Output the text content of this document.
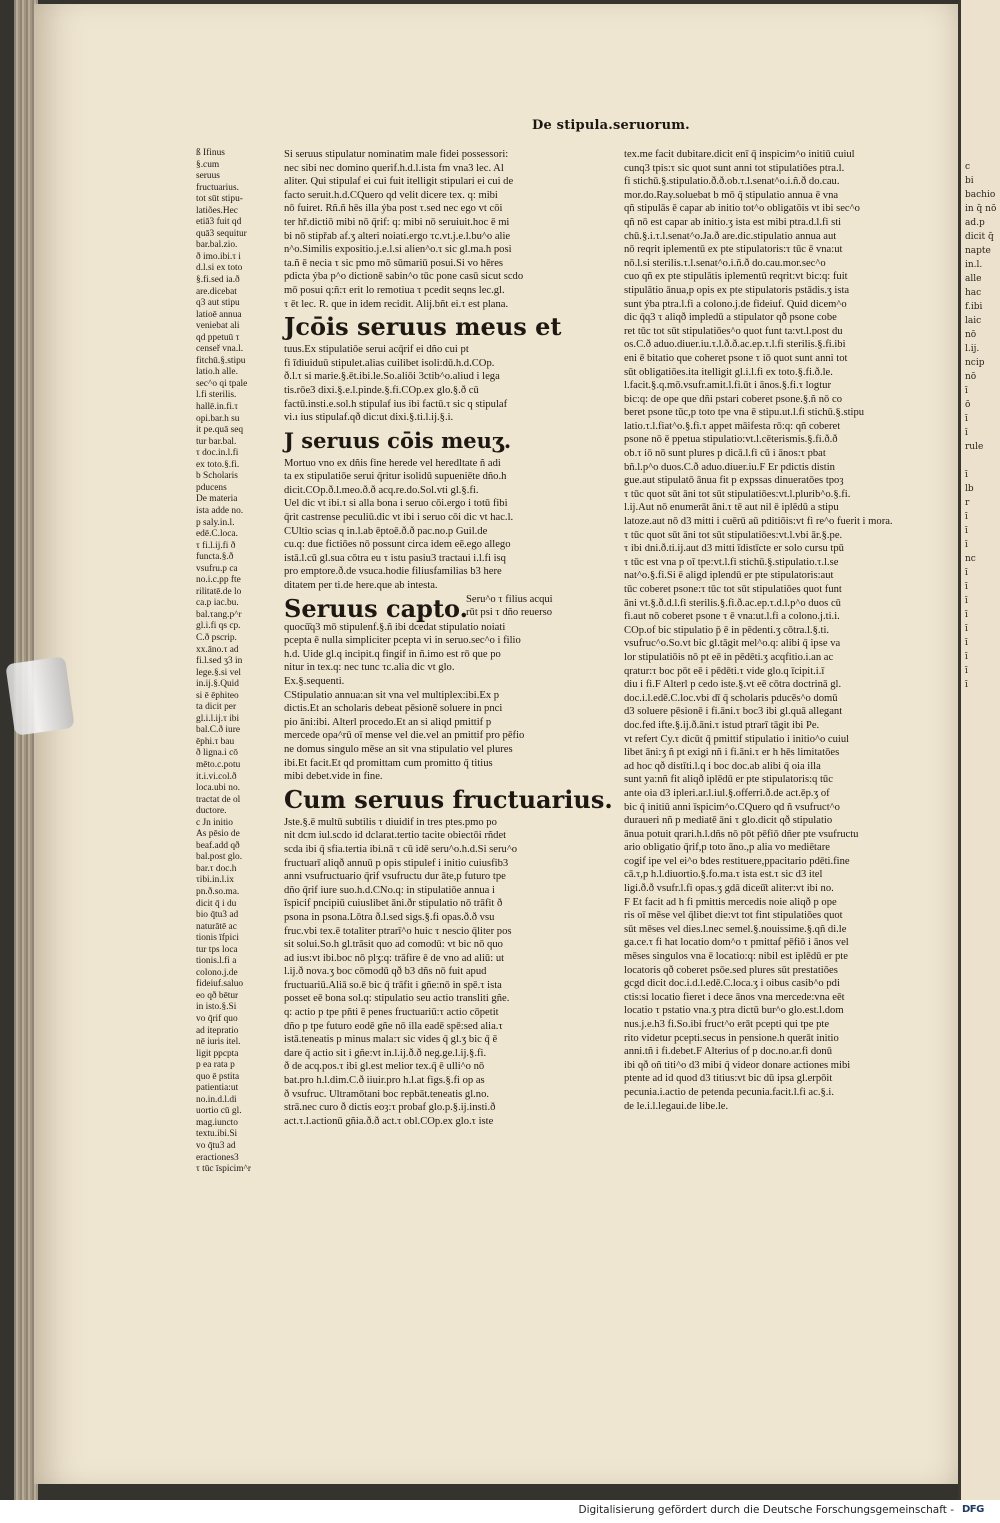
c
bi
bachio
in q̄ nō
ad.p
dicit q̄
napte
in.l.
alle
hac
f.ibi
laic
nō
l.ij.
ncip
nō
ī
ō
ī
ī
rule

ī
lb
r
ī
ī
ī
nc
ī
ī
ī
ī
ī
ī
ī
ī
ī
De stipula.seruorum.
ß Ifinus
§.cum
seruus
fructuarius.
tot sūt stipu-
latiões.Hec
etiā3 fuit qd
quā3 sequitur
bar.bal.zio.
ð imo.ibi.τ i
d.l.si ex toto
§.fi.sed ia.ð
are.dicebat
q3 aut stipu
latioē annua
veniebat ali
qd ppetuū τ
censeř vna.l.
fitchū.§.stipu
latio.h alle.
sec^o qi tpale
l.fi sterilis.
hallē.in.fi.τ
opi.bar.h su
it pe.quā seq
tur bar.bal.
τ doc.in.l.fi
ex toto.§.fi.
b Scholaris
pducens
De materia
ista adde no.
p saly.in.l.
edē.C.loca.
τ fi.l.ij.fi ð
functa.§.ð
vsufru.p ca
no.i.c.pp fte
rilitatē.de lo
ca.p iac.bu.
bal.τang.p^r
gl.i.fi qs cp.
C.ð pscrip.
xx.āno.τ ad
fi.l.sed ʒ3 in
lege.§.si vel
in.ij.§.Quid
si ē ēphiteo
ta dicit per
gl.i.l.ij.τ ibi
bal.C.ð iure
ēphi.τ bau
ð ligna.i cō
mēto.c.potu
it.i.vi.col.ð
loca.ubi no.
tractat de ol
ductore.
c Jn initio
Ās pēsio de
beaf.add qð
bal.post glo.
bar.τ doc.h
τibi.in.l.ix
pn.ð.so.ma.
dicit q̄ i du
bio q̄tu3 ad
naturātē ac
tionis īfpici
tur tps loca
tionis.l.fi a
colono.j.de
fideiuf.saluo
eo qð bētur
in isto.§.Si
vo q̄rif quo
ad itepratio
nē iuris itel.
ligit ppcpta
p ea rata p
quo ē pstita
patientia:ut
no.in.d.l.di
uortio cū gl.
mag.iuncto
textu.ibi.Si
vo q̄tu3 ad
eractiones3
τ tūc īspicim^r
Si seruus stipulatur nominatim male fidei possessori:
nec sibi nec domino querif.h.d.l.ista fm vna3 lec. Al
aliter. Qui stipulaf ei cui fuit itelligit stipulari ei cui de
facto seruit.h.d.CQuero qd velit dicere tex. q: mibi
nō fuiret. Rñ.ñ hēs illa ýba post τ.sed nec ego vt cōi
ter hř.dictiō mibi nō q̄rif: q: mibi nō seruiuit.hoc ē mi
bi nō stipřab af.ʒ alteri noiati.ergo τc.vt.j.e.l.bu^o alie
n^o.Similis expositio.j.e.l.si alien^o.τ sic gl.ma.h posi
ta.ñ ē necia τ sic pmo mō sūmariū posui.Si vo hēres
pdicta ýba p^o dictionē sabin^o tūc pone casū sicut scdo
mō posui q:ñ:τ erit lo remotiua τ pcedit seqns lec.gl.
τ ēt lec. R. que in idem recidit. Alij.bñt ei.τ est plana.
Jcōis seruus meus et
tuus.Ex stipulatiōe serui acq̄rif ei dño cui pt
fi īdiuiduū stipulet.alias cuilibet isoli:dū.h.d.COp.
ð.l.τ si marie.§.ēt.ibi.le.So.aliōi 3ctib^o.aliud i lega
tis.rōe3 dixi.§.e.l.pinde.§.fi.COp.ex glo.§.ð cū
factū.insti.e.sol.h stipulaf ius ibi factū.τ sic q stipulaf
vi.ı ius stipulaf.qð dic:ut dixi.§.ti.l.ij.§.i.
J seruus cōis meuʒ.
Mortuo vno ex dñis fine herede vel heredltate ñ adi
ta ex stipulatiōe serui q̄ritur isolidū supueniēte dño.h
dicit.COp.ð.l.meo.ð.ð acq.re.do.Sol.vti gl.§.fi.
Uel dic vt ibi.τ si alla bona i seruo cōi.ergo i totū fibi
q̄rit castrense peculiū.dic vt ibi i seruo cōi dic vt hac.l.
CUltio scias q in.l.ab ēptoē.ð.ð pac.no.p Guil.de
cu.q: due fictiōes nō possunt circa idem eē.ego allego
istā.l.cū gl.sua cōtra eu τ istu pasiu3 tractaui i.l.fi isq
pro emptore.ð.de vsuca.hodie filiusfamilias b3 here
ditatem per ti.de here.que ab intesta.
Seruus capto.
Seru^o τ filius acqui
rūt psi τ dño reuerso
quocū̄q3 mō stipulenf.§.ñ ibi dcedat stipulatio noiati
pcepta ē nulla simpliciter pcepta vi in seruo.sec^o i filio
h.d. Uide gl.q incipit.q fingif in ñ.imo est rō que po
nitur in tex.q: nec tunc τc.alia dic vt glo.
Ex.§.sequenti.
CStipulatio annua:an sit vna vel multiplex:ibi.Ex p
dictis.Et an scholaris debeat pēsionē soluere in pnci
pio āni:ibi. Alterl procedo.Et an si aliqd pmittif p
mercede opa^rū oī mense vel die.vel an pmittif pro pēfio
ne domus singulo mēse an sit vna stipulatio vel plures
ibi.Et facit.Et qd promittam cum promitto q̄ titius
mibi debet.vide in fine.
Cum seruus fructuarius.
Jste.§.ē multū subtilis τ diuidif in tres ptes.pmo po
nit dcm iul.scdo id dclarat.tertio tacite obiectōi rñdet
scda ibi q̄ sfia.tertia ibi.nā τ cū idē seru^o.h.d.Si seru^o
fructuarī aliqð annuū p opis stipulef i initio cuiusfib3
anni vsufructuario q̄rif vsufructu dur āte,p futuro tpe
dño q̄rif iure suo.h.d.CNo.q: in stipulatiōe annua i
īspicif pncipiū cuiuslibet āni.ðr stipulatio nō trāfit ð
psona in psona.Lōtra ð.l.sed sigs.§.fi opas.ð.ð vsu
fruc.vbi tex.ē totaliter ptrarī^o huic τ nescio q̄liter pos
sit solui.So.h gl.trāsit quo ad comodū: vt bic nō quo
ad ius:vt ibi.boc nō plʒ:q: trāfire ē de vno ad aliū: ut
l.ij.ð nova.ʒ boc cōmodū qð b3 dñs nō fuit apud
fructuariū.Aliā so.ē bic q̄ trāfit i gñe:nō in spē.τ ista
posset eē bona sol.q: stipulatio seu actio transliti gñe.
q: actio p tpe pñti ē penes fructuariū:τ actio cōpetit
dño p tpe futuro eodē gñe nō illa eadē spē:sed alia.τ
istā.teneatis p minus mala:τ sic vides q̄ gl.ʒ bic q̄ ē
dare q̄ actio sit i gñe:vt in.l.ij.ð.ð neg.ge.l.ij.§.fi.
ð de acq.pos.τ ibi gl.est melior tex.q̄ ē ulli^o nō
bat.pro h.l.dim.C.ð iiuir.pro h.l.at figs.§.fi op as
ð vsufruc. Ultramōtani boc repbāt.teneatis gl.no.
strā.nec curo ð dictis eoȝ:τ probaf glo.p.§.ij.insti.ð
act.τ.l.actionū gñia.ð.ð act.τ obl.COp.ex glo.τ iste
tex.me facit dubitare.dicit enī q̄ inspicim^o initiū cuiul
cunq3 tpis:τ sic quot sunt anni tot stipulatiōes ptra.l.
fi stichū.§.stipulatio.ð.ð.ob.τ.l.senat^o.i.ñ.ð do.cau.
mor.do.Ray.soluebat b mō q̄ stipulatio annua ē vna
qñ stipulās ē capar ab initio tot^o obligatōis vt ibi sec^o
qñ nō est capar ab initio.ʒ ista est mibi ptra.d.l.fi sti
chū.§.i.τ.l.senat^o.Ja.ð are.dic.stipulatio annua aut
nō reqrit iplementū ex pte stipulatoris:τ tūc ē vna:ut
nō.l.si sterilis.τ.l.senat^o.i.ñ.ð do.cau.mor.sec^o
cuo qñ ex pte stipulātis iplementū reqrit:vt bic:q: fuit
stipulātio ānua,p opis ex pte stipulatoris pstādis.ʒ ista
sunt ýba ptra.l.fi a colono.j.de fideiuf. Quid dicem^o
dic q̄q3 τ aliqð impledū a stipulator qð psone cobe
ret tūc tot sūt stipulatiōes^o quot funt ta:vt.l.post du
os.C.ð aduo.diuer.iu.τ.l.ð.ð.ac.ep.τ.l.fi sterilis.§.fi.ibi
eni ē bitatio que coheret psone τ iō quot sunt anni tot
sūt obligatiōes.ita itelligit gl.i.l.fi ex toto.§.fi.ð.le.
l.facit.§.q.mō.vsufr.amit.l.fi.ūt i ānos.§.fi.τ logtur
bic:q: de ope que dñi pstari coberet psone.§.ñ nō co
beret psone tūc,p toto tpe vna ē stipu.ut.l.fi stichū.§.stipu
latio.τ.l.fiat^o.§.fi.τ appet māifesta rō:q: qñ coberet
psone nō ē ppetua stipulatio:vt.l.cēterismis.§.fi.ð.ð
ob.τ iō nō sunt plures p dicā.l.fi cū i ānos:τ pbat
bñ.l.p^o duos.C.ð aduo.diuer.iu.F Er pdictis distin
gue.aut stipulatō ānua fit p expssas dinueratōes tpoȝ
τ tūc quot sūt āni tot sūt stipulatiōes:vt.l.plurib^o.§.fi.
l.ij.Aut nō enumerāt āni.τ tē aut nil ē iplēdū a stipu
latoze.aut nō d3 mitti i cuērū aū pditiōis:vt fi re^o fuerit i mora.
τ tūc quot sūt āni tot sūt stipulatiōes:vt.l.vbi ār.§.pe.
τ ibi dni.ð.ti.ij.aut d3 mitti īdistīcte er solo cursu tpū
τ tūc est vna p oī tpe:vt.l.fi stichū.§.stipulatio.τ.l.se
nat^o.§.fi.Si ē aligd iplendū er pte stipulatoris:aut
tūc coberet psone:τ tūc tot sūt stipulatiōes quot funt
āni vt.§.ð.d.l.fi sterilis.§.fi.ð.ac.ep.τ.d.l.p^o duos cū
fi.aut nō coberet psone τ ē vna:ut.l.fi a colono.j.ti.i.
COp.of bic stipulatio p̄ ē in pēdenti.ʒ cōtra.l.§.ti.
vsufruc^o.So.vt bic gl.tāgit mel^o.q: alibi q̄ ipse va
lor stipulatiōis nō pt eē in pēdēti.ʒ acqfitio.i.an ac
qratur:τ boc pōt eē i pēdēti.τ vide glo.q īcipit.i.ī
diu i fi.F Alterl p cedo iste.§.vt eē cōtra doctrinā gl.
doc.i.l.edē.C.loc.vbi dī q̄ scholaris pducēs^o domū
d3 soluere pēsionē i fi.āni.τ boc3 ibi gl.quā allegant
doc.fed ifte.§.ij.ð.āni.τ istud ptrarī tāgit ibi Pe.
vt refert Cy.τ dicūt q̄ pmittif stipulatio i initio^o cuiul
libet āni:ʒ ñ pt exigi nñ i fi.āni.τ er h hēs limitatōes
ad hoc qð distīti.l.q i boc doc.ab alibi q̄ oia illa
sunt ya:nñ fit aliqð iplēdū er pte stipulatoris:q tūc
ante oia d3 ipleri.ar.l.iul.§.offerri.ð.de act.ēp.ʒ of
bic q̄ initiū anni īspicim^o.CQuero qd ñ vsufruct^o
duraueri nñ p mediatē āni τ glo.dicit qð stipulatio
ānua potuit qrari.h.l.dñs nō pōt pēfiō dñer pte vsufructu
ario obligatio q̄rif,p toto āno.,p alia vo mediētare
cogif ipe vel ei^o bdes restituere,ppacitario pdēti.fine
cā.τ,p h.l.diuortio.§.fo.ma.τ ista est.τ sic d3 itel
ligi.ð.ð vsufr.l.fi opas.ʒ gdā diceū̄t aliter:vt ibi no.
F Et facit ad h fi pmittis mercedis noie aliqð p ope
ris oī mēse vel q̄libet die:vt tot fint stipulatiōes quot
sūt mēses vel dies.l.nec semel.§.nouissime.§.qñ di.le
ga.ce.τ fi hat locatio dom^o τ pmittaf pēfiō i ānos vel
mēses singulos vna ē locatio:q: nibil est iplēdū er pte
locatoris qð coberet psōe.sed plures sūt prestatiōes
gcgd dicit doc.i.d.l.edē.C.loca.ʒ i oibus casib^o pdi
ctis:si locatio fieret i dece ānos vna mercede:vna eēt
locatio τ pstatio vna.ʒ ptra dictū bur^o glo.est.l.dom
nus.j.e.h3 fi.So.ibi fruct^o erāt pcepti qui tpe pte
rito videtur pcepti.secus in pensione.h querāt initio
anni.tñ i fi.debet.F Alterius of p doc.no.ar.fi donū
ibi qð oñ titi^o d3 mibi q̄ videor donare actiones mibi
ptente ad id quod d3 titius:vt bic dū ipsa gl.erpōit
pecunia.i.actio de petenda pecunia.facit.l.fi ac.§.i.
de le.i.l.legaui.de libe.le.
Digitalisierung gefördert durch die Deutsche Forschungsgemeinschaft - DFG
